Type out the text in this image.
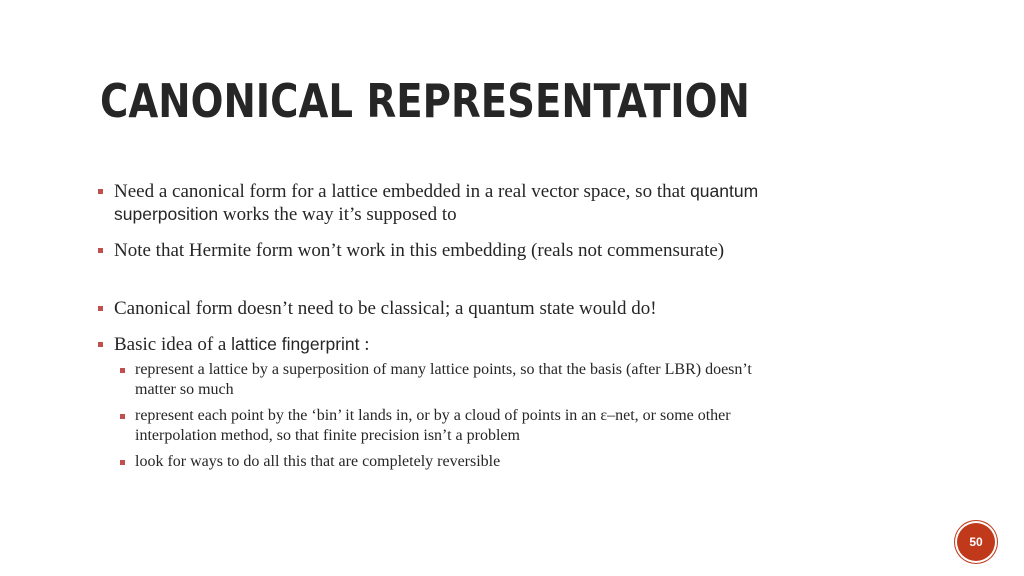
CANONICAL REPRESENTATION
Need a canonical form for a lattice embedded in a real vector space, so that quantum
superposition works the way it’s supposed to
Note that Hermite form won’t work in this embedding (reals not commensurate)
Canonical form doesn’t need to be classical; a quantum state would do!
Basic idea of a lattice fingerprint :
represent a lattice by a superposition of many lattice points, so that the basis (after LBR) doesn’t
matter so much
represent each point by the ‘bin’ it lands in, or by a cloud of points in an ε–net, or some other
interpolation method, so that finite precision isn’t a problem
look for ways to do all this that are completely reversible
50
